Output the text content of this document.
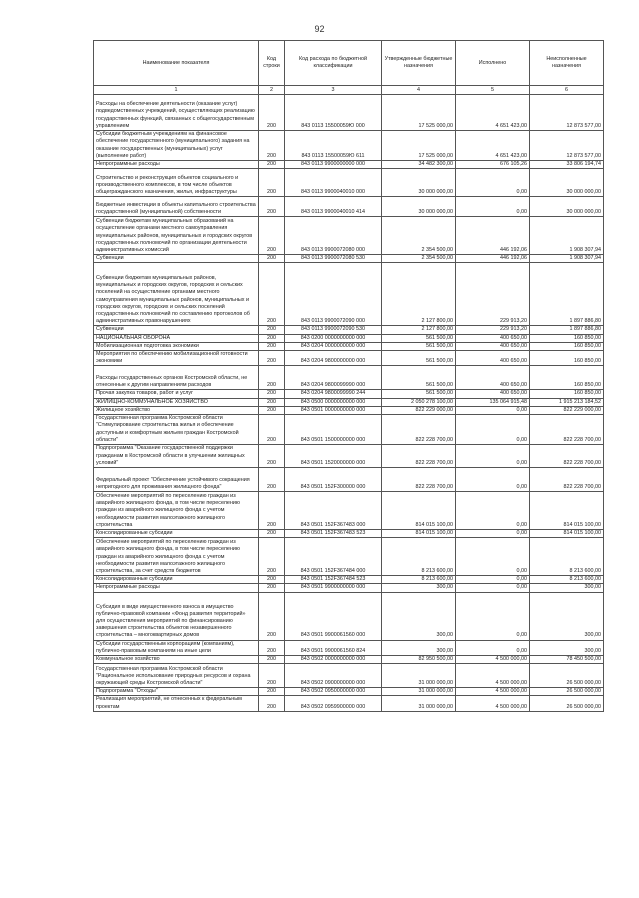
92
Наименование показателя	Код строки	Код расхода по бюджетной классификации	Утвержденные бюджетные назначения	Исполнено	Неисполненные назначения
1	2	3	4	5	6
Расходы на обеспечение деятельности (оказание услуг) подведомственных учреждений, осуществляющих реализацию государственных функций, связанных с общегосударственным управлением	200	843 0113 15500059Ю 000	17 525 000,00	4 651 423,00	12 873 577,00
Субсидии бюджетным учреждениям на финансовое обеспечение государственного (муниципального) задания на оказание государственных (муниципальных) услуг (выполнение работ)	200	843 0113 15500059Ю 611	17 525 000,00	4 651 423,00	12 873 577,00
Непрограммные расходы	200	843 0113 9900000000 000	34 482 300,00	676 105,26	33 806 194,74
Строительство и реконструкция объектов социального и производственного комплексов, в том числе объектов общегражданского назначения, жилья, инфраструктуры	200	843 0113 9900040010 000	30 000 000,00	0,00	30 000 000,00
Бюджетные инвестиции в объекты капитального строительства государственной (муниципальной) собственности	200	843 0113 9900040010 414	30 000 000,00	0,00	30 000 000,00
Субвенции бюджетам муниципальных образований на осуществление органами местного самоуправления муниципальных районов, муниципальных и городских округов государственных полномочий по организации деятельности административных комиссий	200	843 0113 9900072080 000	2 354 500,00	446 192,06	1 908 307,94
Субвенции	200	843 0113 9900072080 530	2 354 500,00	446 192,06	1 908 307,94
Субвенции бюджетам муниципальных районов, муниципальных и городских округов, городских и сельских поселений на осуществление органами местного самоуправления муниципальных районов, муниципальных и городских округов, городских и сельских поселений государственных полномочий по составлению протоколов об административных правонарушениях	200	843 0113 9900072090 000	2 127 800,00	229 913,20	1 897 886,80
Субвенции	200	843 0113 9900072090 530	2 127 800,00	229 913,20	1 897 886,80
НАЦИОНАЛЬНАЯ ОБОРОНА	200	843 0200 0000000000 000	561 500,00	400 650,00	160 850,00
Мобилизационная подготовка экономики	200	843 0204 0000000000 000	561 500,00	400 650,00	160 850,00
Мероприятия по обеспечению мобилизационной готовности экономики	200	843 0204 9800000000 000	561 500,00	400 650,00	160 850,00
Расходы государственных органов Костромской области, не отнесенные к другим направлениям расходов	200	843 0204 9800099990 000	561 500,00	400 650,00	160 850,00
Прочая закупка товаров, работ и услуг	200	843 0204 9800099990 244	561 500,00	400 650,00	160 850,00
ЖИЛИЩНО-КОММУНАЛЬНОЕ ХОЗЯЙСТВО	200	843 0500 0000000000 000	2 050 278 100,00	135 064 915,48	1 915 213 184,52
Жилищное хозяйство	200	843 0501 0000000000 000	822 229 000,00	0,00	822 229 000,00
Государственная программа Костромской области "Стимулирование строительства жилья и обеспечение доступным и комфортным жильем граждан Костромской области"	200	843 0501 1500000000 000	822 228 700,00	0,00	822 228 700,00
Подпрограмма "Оказание государственной поддержки гражданам в Костромской области в улучшении жилищных условий"	200	843 0501 1520000000 000	822 228 700,00	0,00	822 228 700,00
Федеральный проект "Обеспечение устойчивого сокращения непригодного для проживания жилищного фонда"	200	843 0501 152F300000 000	822 228 700,00	0,00	822 228 700,00
Обеспечение мероприятий по переселению граждан из аварийного жилищного фонда, в том числе переселению граждан из аварийного жилищного фонда с учетом необходимости развития малоэтажного жилищного строительства	200	843 0501 152F367483 000	814 015 100,00	0,00	814 015 100,00
Консолидированные субсидии	200	843 0501 152F367483 523	814 015 100,00	0,00	814 015 100,00
Обеспечение мероприятий по переселению граждан из аварийного жилищного фонда, в том числе переселению граждан из аварийного жилищного фонда с учетом необходимости развития малоэтажного жилищного строительства, за счет средств бюджетов	200	843 0501 152F367484 000	8 213 600,00	0,00	8 213 600,00
Консолидированные субсидии	200	843 0501 152F367484 523	8 213 600,00	0,00	8 213 600,00
Непрограммные расходы	200	843 0501 9900000000 000	300,00	0,00	300,00
Субсидия в виде имущественного взноса в имущество публично-правовой компании «Фонд развития территорий» для осуществления мероприятий по финансированию завершения строительства объектов незавершенного строительства – многоквартирных домов	200	843 0501 9900061560 000	300,00	0,00	300,00
Субсидии государственным корпорациям (компаниям), публично-правовым компаниям на иные цели	200	843 0501 9900061560 824	300,00	0,00	300,00
Коммунальное хозяйство	200	843 0502 0000000000 000	82 950 500,00	4 500 000,00	78 450 500,00
Государственная программа Костромской области "Рациональное использование природных ресурсов и охрана окружающей среды Костромской области"	200	843 0502 0900000000 000	31 000 000,00	4 500 000,00	26 500 000,00
Подпрограмма "Отходы"	200	843 0502 0950000000 000	31 000 000,00	4 500 000,00	26 500 000,00
Реализация мероприятий, не отнесенных к федеральным проектам	200	843 0502 0959900000 000	31 000 000,00	4 500 000,00	26 500 000,00
